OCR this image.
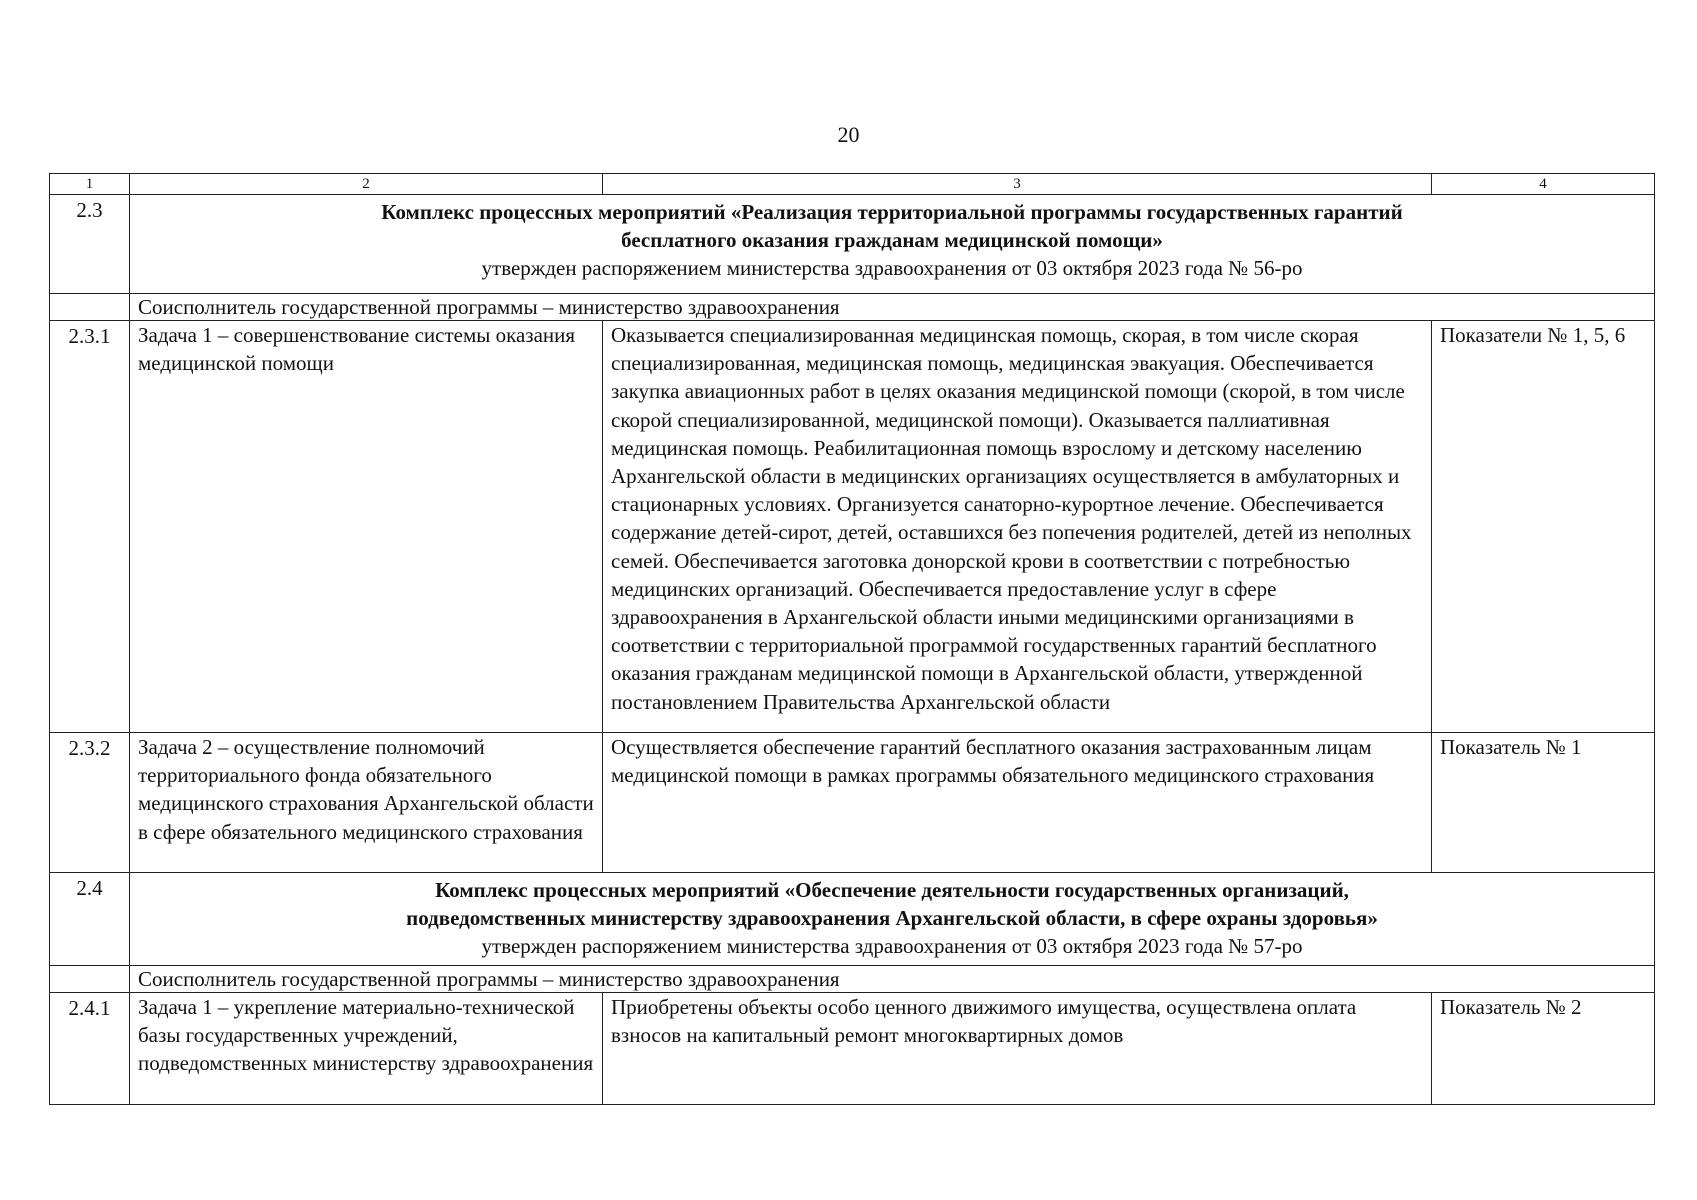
20
1	2	3	4
2.3	Комплекс процессных мероприятий «Реализация территориальной программы государственных гарантий
бесплатного оказания гражданам медицинской помощи»
утвержден распоряжением министерства здравоохранения от 03 октября 2023 года № 56-ро		

	Соисполнитель государственной программы – министерство здравоохранения		
2.3.1	Задача 1 – совершенствование системы оказания медицинской помощи	Оказывается специализированная медицинская помощь, скорая, в том числе скорая специализированная, медицинская помощь, медицинская эвакуация. Обеспечивается закупка авиационных работ в целях оказания медицинской помощи (скорой, в том числе скорой специализированной, медицинской помощи). Оказывается паллиативная медицинская помощь. Реабилитационная помощь взрослому и детскому населению Архангельской области в медицинских организациях осуществляется в амбулаторных и стационарных условиях. Организуется санаторно-курортное лечение. Обеспечивается содержание детей-сирот, детей, оставшихся без попечения родителей, детей из неполных семей. Обеспечивается заготовка донорской крови в соответствии с потребностью медицинских организаций. Обеспечивается предоставление услуг в сфере здравоохранения в Архангельской области иными медицинскими организациями в соответствии с территориальной программой государственных гарантий бесплатного оказания гражданам медицинской помощи в Архангельской области, утвержденной постановлением Правительства Архангельской области	Показатели № 1, 5, 6
2.3.2	Задача 2 – осуществление полномочий территориального фонда обязательного медицинского страхования Архангельской области в сфере обязательного медицинского страхования	Осуществляется обеспечение гарантий бесплатного оказания застрахованным лицам медицинской помощи в рамках программы обязательного медицинского страхования	Показатель № 1
2.4	Комплекс процессных мероприятий «Обеспечение деятельности государственных организаций,
подведомственных министерству здравоохранения Архангельской области, в сфере охраны здоровья»
утвержден распоряжением министерства здравоохранения от 03 октября 2023 года № 57-ро		

	Соисполнитель государственной программы – министерство здравоохранения		
2.4.1	Задача 1 – укрепление материально-технической базы государственных учреждений, подведомственных министерству здравоохранения	Приобретены объекты особо ценного движимого имущества, осуществлена оплата взносов на капитальный ремонт многоквартирных домов	Показатель № 2
